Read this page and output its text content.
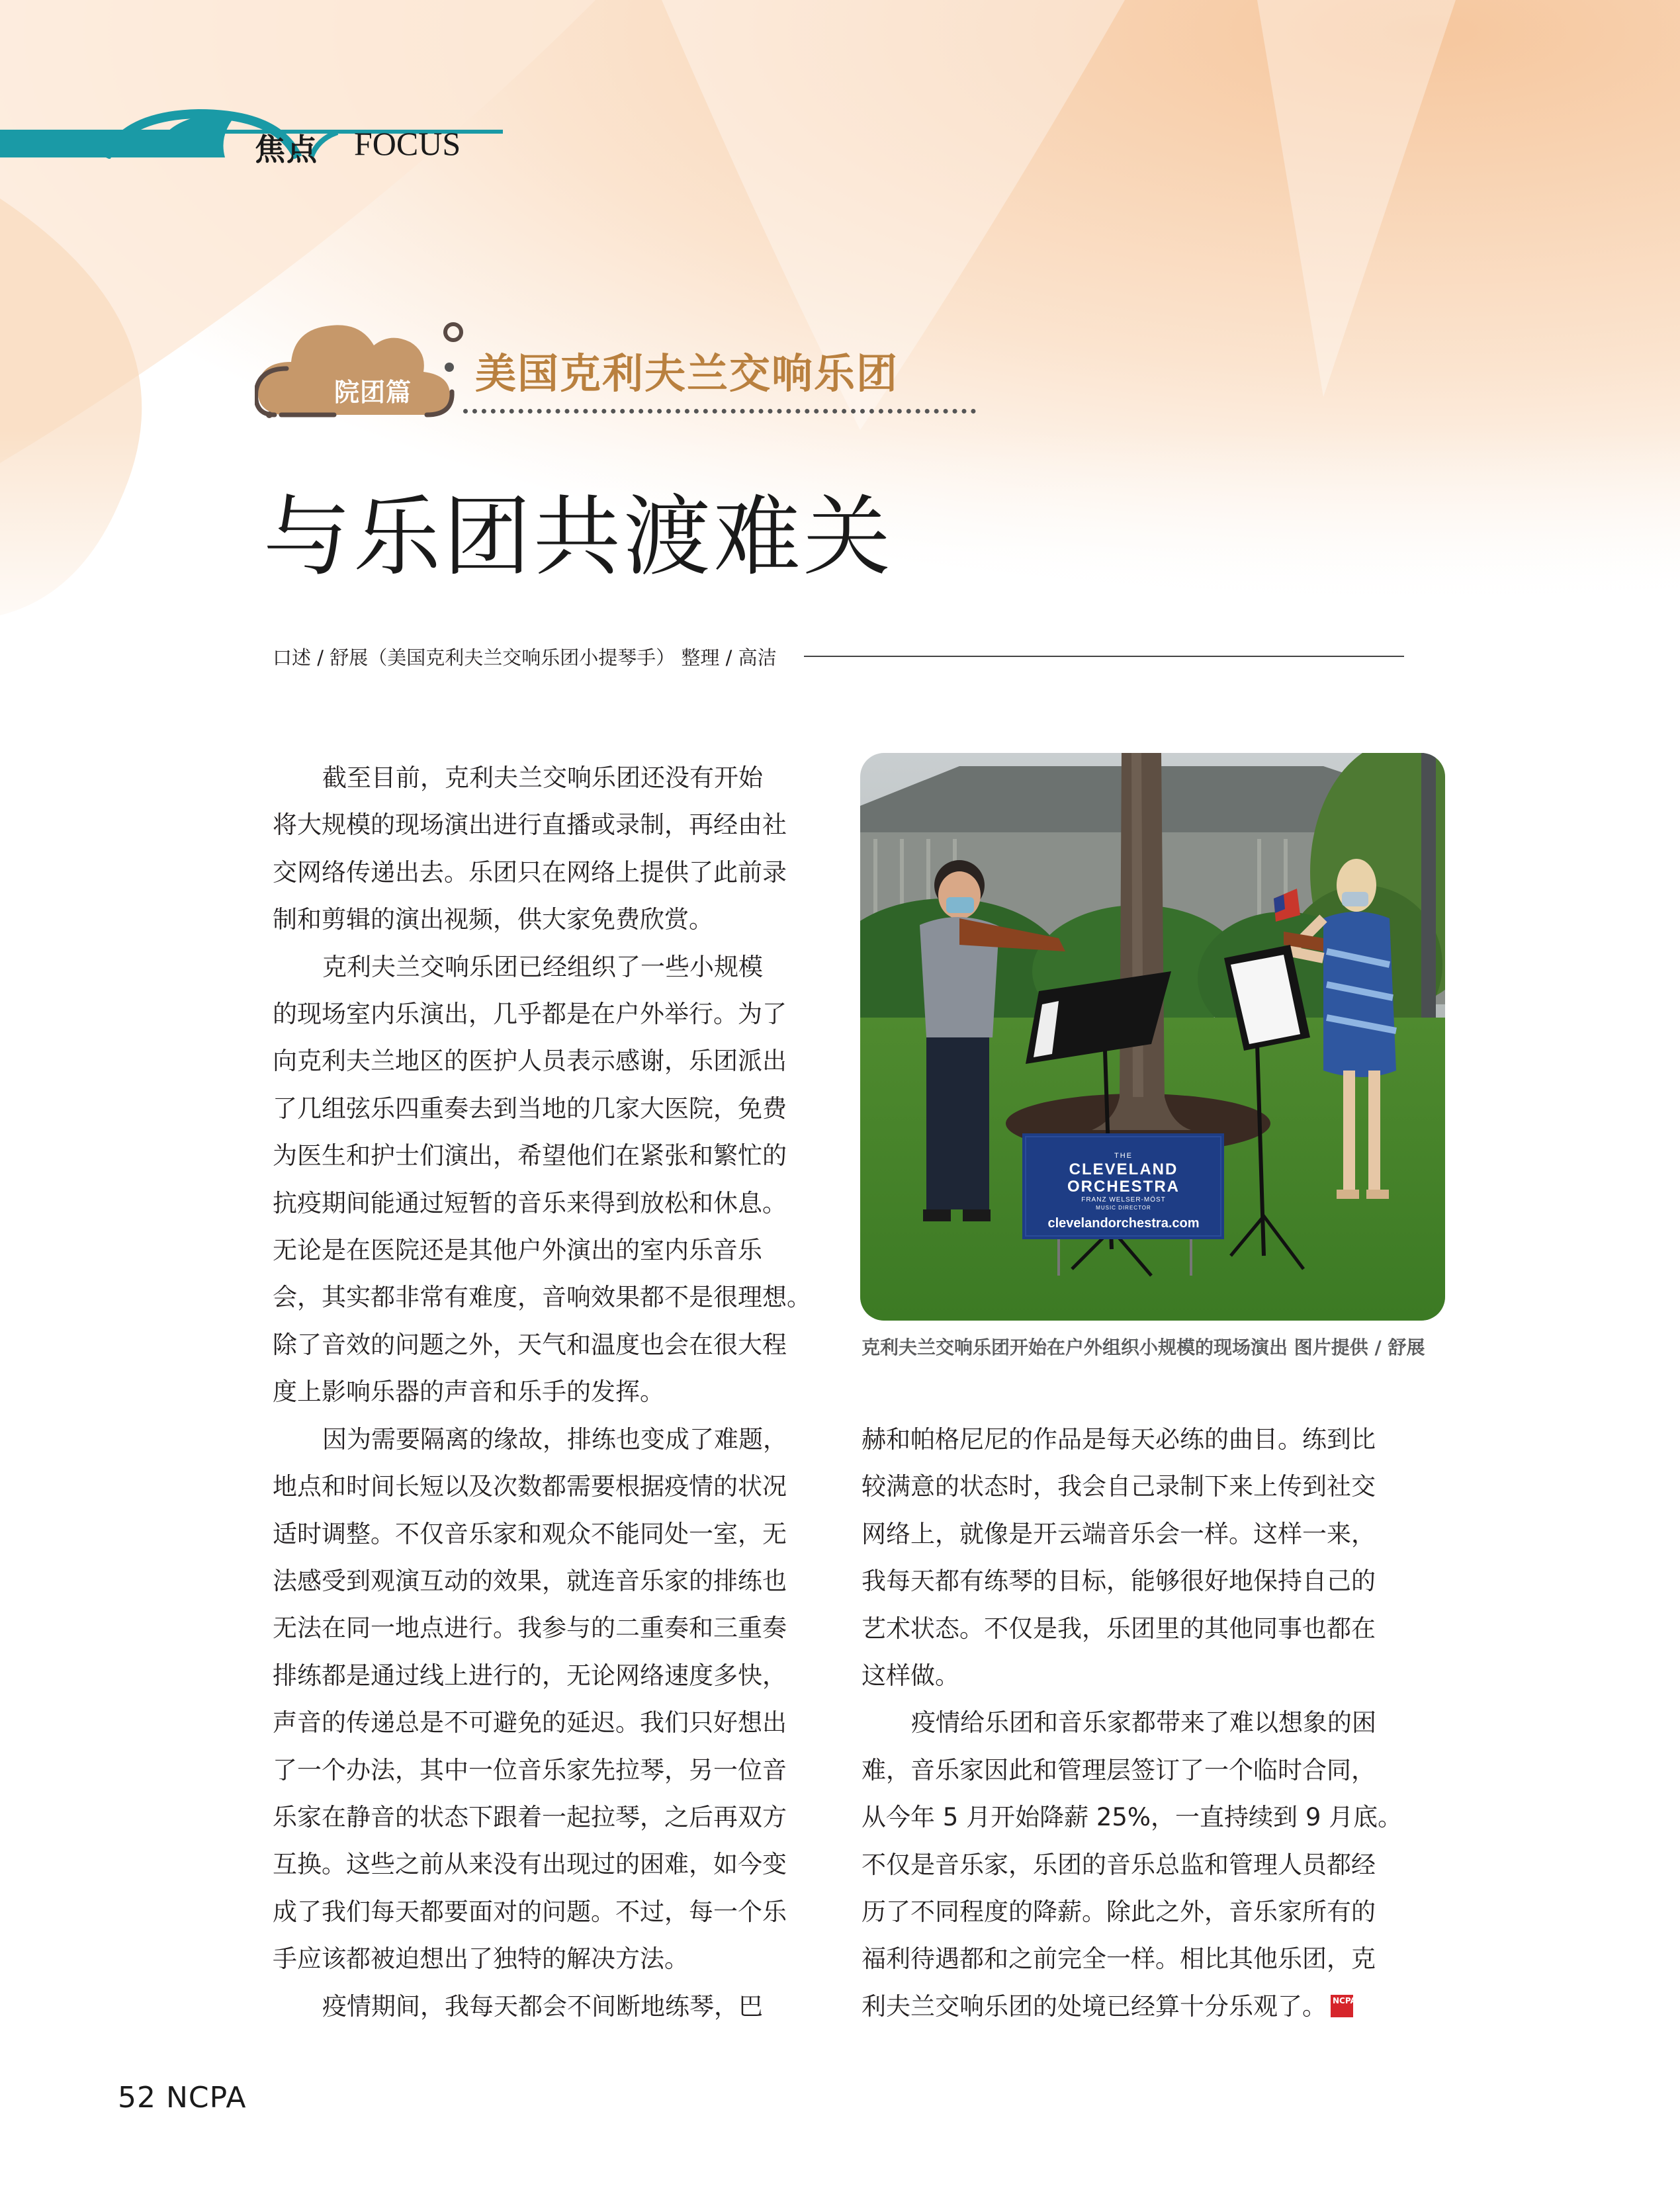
焦点 FOCUS
院团篇 美国克利夫兰交响乐团
与乐团共渡难关
口述 / 舒展（美国克利夫兰交响乐团小提琴手） 整理 / 高洁

截至目前，克利夫兰交响乐团还没有开始

将大规模的现场演出进行直播或录制，再经由社

交网络传递出去。乐团只在网络上提供了此前录

制和剪辑的演出视频，供大家免费欣赏。

克利夫兰交响乐团已经组织了一些小规模

的现场室内乐演出，几乎都是在户外举行。为了

向克利夫兰地区的医护人员表示感谢，乐团派出

了几组弦乐四重奏去到当地的几家大医院，免费

为医生和护士们演出，希望他们在紧张和繁忙的

抗疫期间能通过短暂的音乐来得到放松和休息。

无论是在医院还是其他户外演出的室内乐音乐

会，其实都非常有难度，音响效果都不是很理想。

除了音效的问题之外，天气和温度也会在很大程

度上影响乐器的声音和乐手的发挥。

因为需要隔离的缘故，排练也变成了难题，

地点和时间长短以及次数都需要根据疫情的状况

适时调整。不仅音乐家和观众不能同处一室，无

法感受到观演互动的效果，就连音乐家的排练也

无法在同一地点进行。我参与的二重奏和三重奏

排练都是通过线上进行的，无论网络速度多快，

声音的传递总是不可避免的延迟。我们只好想出

了一个办法，其中一位音乐家先拉琴，另一位音

乐家在静音的状态下跟着一起拉琴，之后再双方

互换。这些之前从来没有出现过的困难，如今变

成了我们每天都要面对的问题。不过，每一个乐

手应该都被迫想出了独特的解决方法。

疫情期间，我每天都会不间断地练琴，巴

THE
CLEVELAND
ORCHESTRA
FRANZ WELSER-MÖST
MUSIC DIRECTOR
clevelandorchestra.com
克利夫兰交响乐团开始在户外组织小规模的现场演出 图片提供 / 舒展

赫和帕格尼尼的作品是每天必练的曲目。练到比

较满意的状态时，我会自己录制下来上传到社交

网络上，就像是开云端音乐会一样。这样一来，

我每天都有练琴的目标，能够很好地保持自己的

艺术状态。不仅是我，乐团里的其他同事也都在

这样做。

疫情给乐团和音乐家都带来了难以想象的困

难，音乐家因此和管理层签订了一个临时合同，

从今年 5 月开始降薪 25%，一直持续到 9 月底。

不仅是音乐家，乐团的音乐总监和管理人员都经

历了不同程度的降薪。除此之外，音乐家所有的

福利待遇都和之前完全一样。相比其他乐团，克

利夫兰交响乐团的处境已经算十分乐观了。 NCPA

52 NCPA
